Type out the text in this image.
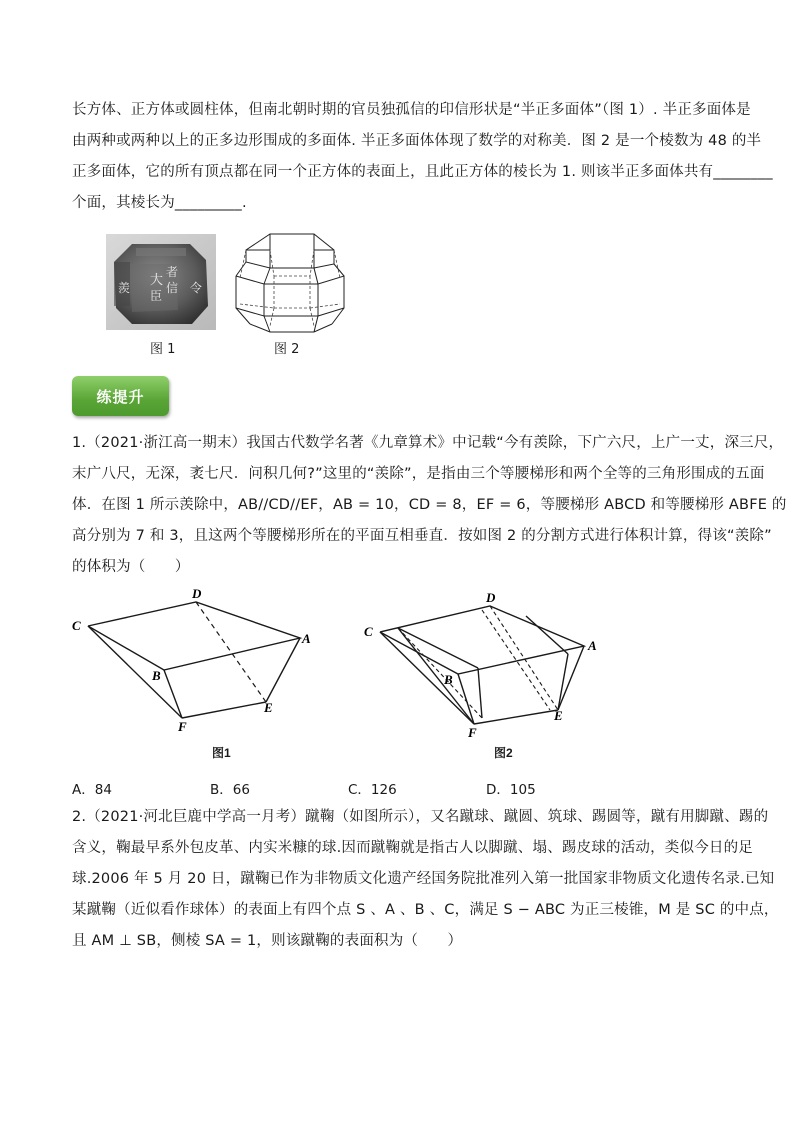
长方体、正方体或圆柱体，但南北朝时期的官员独孤信的印信形状是“半正多面体”（图 1）. 半正多面体是
由两种或两种以上的正多边形围成的多面体. 半正多面体体现了数学的对称美．图 2 是一个棱数为 48 的半
正多面体，它的所有顶点都在同一个正方体的表面上，且此正方体的棱长为 1. 则该半正多面体共有________
个面，其棱长为_________.
大
者
信
臣
令
羨
图 1	图 2
练提升
1.（2021·浙江高一期末）我国古代数学名著《九章算术》中记载“今有羡除，下广六尺，上广一丈，深三尺，
末广八尺，无深，袤七尺．问积几何?”这里的“羡除”，是指由三个等腰梯形和两个全等的三角形围成的五面
体．在图 1 所示羡除中，AB//CD//EF，AB = 10，CD = 8，EF = 6，等腰梯形 ABCD 和等腰梯形 ABFE 的
高分别为 7 和 3，且这两个等腰梯形所在的平面互相垂直．按如图 2 的分割方式进行体积计算，得该“羡除”
的体积为（　　）
C
D
A
B
E
F
图1
C
D
A
B
E
F
图2
A．84	B．66	C．126	D．105
2.（2021·河北巨鹿中学高一月考）蹴鞠（如图所示），又名蹴球、蹴圆、筑球、踢圆等，蹴有用脚蹴、踢的
含义，鞠最早系外包皮革、内实米糠的球.因而蹴鞠就是指古人以脚蹴、塌、踢皮球的活动，类似今日的足
球.2006 年 5 月 20 日，蹴鞠已作为非物质文化遗产经国务院批准列入第一批国家非物质文化遗传名录.已知
某蹴鞠（近似看作球体）的表面上有四个点 S 、A 、B 、C，满足 S − ABC 为正三棱锥，M 是 SC 的中点，
且 AM ⊥ SB，侧棱 SA = 1，则该蹴鞠的表面积为（　　）
